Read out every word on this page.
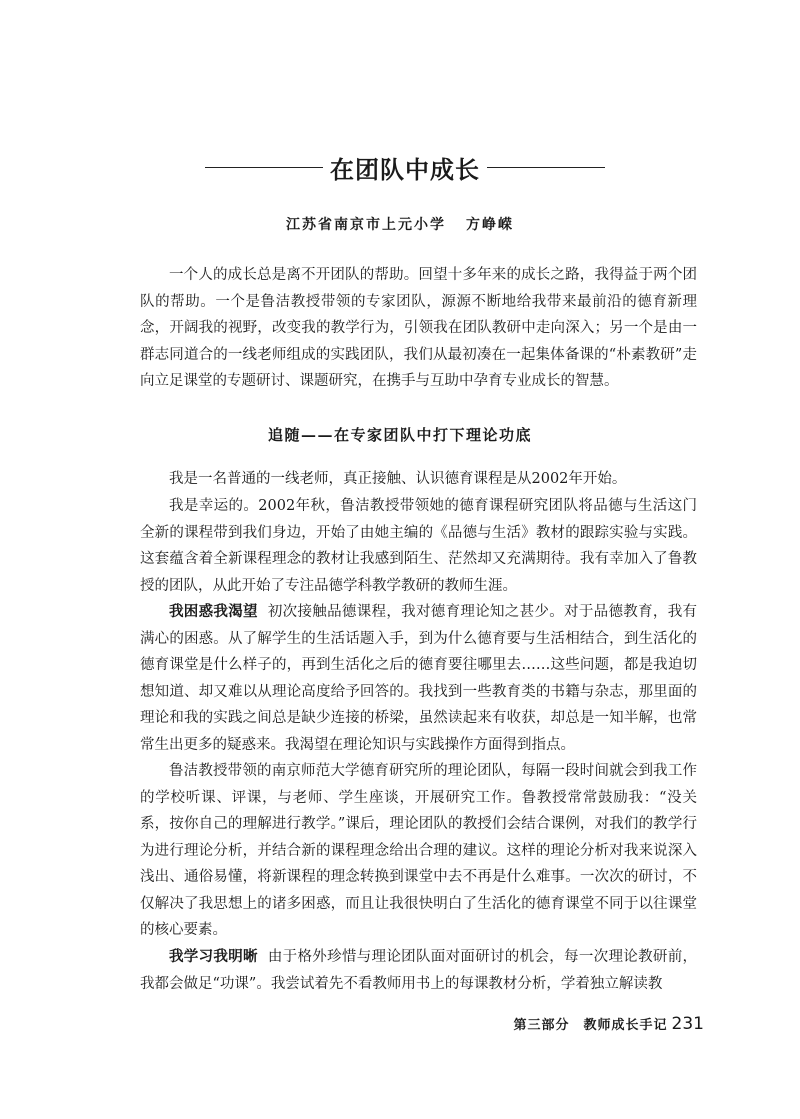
在团队中成长
江苏省南京市上元小学 方峥嵘

一个人的成长总是离不开团队的帮助。回望十多年来的成长之路，我得益于两个团队的帮助。一个是鲁洁教授带领的专家团队，源源不断地给我带来最前沿的德育新理念，开阔我的视野，改变我的教学行为，引领我在团队教研中走向深入；另一个是由一群志同道合的一线老师组成的实践团队，我们从最初凑在一起集体备课的“朴素教研”走向立足课堂的专题研讨、课题研究，在携手与互助中孕育专业成长的智慧。

追随——在专家团队中打下理论功底

我是一名普通的一线老师，真正接触、认识德育课程是从2002年开始。

我是幸运的。2002年秋，鲁洁教授带领她的德育课程研究团队将品德与生活这门全新的课程带到我们身边，开始了由她主编的《品德与生活》教材的跟踪实验与实践。这套蕴含着全新课程理念的教材让我感到陌生、茫然却又充满期待。我有幸加入了鲁教授的团队，从此开始了专注品德学科教学教研的教师生涯。

我困惑我渴望 初次接触品德课程，我对德育理论知之甚少。对于品德教育，我有满心的困惑。从了解学生的生活话题入手，到为什么德育要与生活相结合，到生活化的德育课堂是什么样子的，再到生活化之后的德育要往哪里去……这些问题，都是我迫切想知道、却又难以从理论高度给予回答的。我找到一些教育类的书籍与杂志，那里面的理论和我的实践之间总是缺少连接的桥梁，虽然读起来有收获，却总是一知半解，也常常生出更多的疑惑来。我渴望在理论知识与实践操作方面得到指点。

鲁洁教授带领的南京师范大学德育研究所的理论团队，每隔一段时间就会到我工作的学校听课、评课，与老师、学生座谈，开展研究工作。鲁教授常常鼓励我：“没关系，按你自己的理解进行教学。”课后，理论团队的教授们会结合课例，对我们的教学行为进行理论分析，并结合新的课程理念给出合理的建议。这样的理论分析对我来说深入浅出、通俗易懂，将新课程的理念转换到课堂中去不再是什么难事。一次次的研讨，不仅解决了我思想上的诸多困惑，而且让我很快明白了生活化的德育课堂不同于以往课堂的核心要素。

我学习我明晰 由于格外珍惜与理论团队面对面研讨的机会，每一次理论教研前，我都会做足“功课”。我尝试着先不看教师用书上的每课教材分析，学着独立解读教

第三部分　教师成长手记 231
